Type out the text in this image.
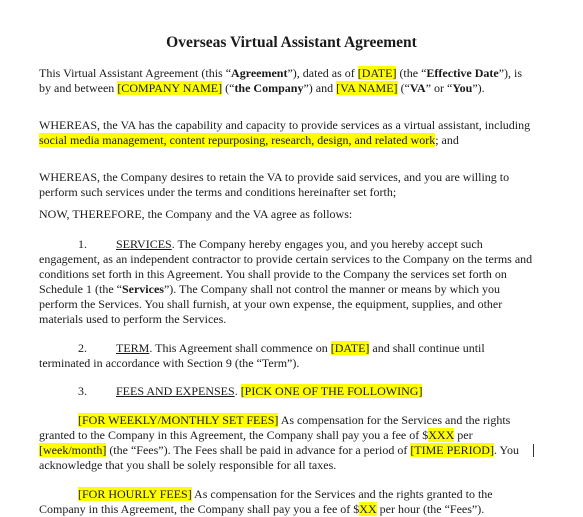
Overseas Virtual Assistant Agreement

This Virtual Assistant Agreement (this “Agreement”), dated as of [DATE] (the “Effective Date”), is by and between [COMPANY NAME] (“the Company”) and [VA NAME] (“VA” or “You”).

WHEREAS, the VA has the capability and capacity to provide services as a virtual assistant, including social media management, content repurposing, research, design, and related work; and

WHEREAS, the Company desires to retain the VA to provide said services, and you are willing to perform such services under the terms and conditions hereinafter set forth;

NOW, THEREFORE, the Company and the VA agree as follows:

1. SERVICES. The Company hereby engages you, and you hereby accept such engagement, as an independent contractor to provide certain services to the Company on the terms and conditions set forth in this Agreement. You shall provide to the Company the services set forth on Schedule 1 (the “Services”). The Company shall not control the manner or means by which you perform the Services. You shall furnish, at your own expense, the equipment, supplies, and other materials used to perform the Services.

2. TERM. This Agreement shall commence on [DATE] and shall continue until terminated in accordance with Section 9 (the “Term”).

3. FEES AND EXPENSES. [PICK ONE OF THE FOLLOWING]

[FOR WEEKLY/MONTHLY SET FEES] As compensation for the Services and the rights granted to the Company in this Agreement, the Company shall pay you a fee of $XXX per [week/month] (the “Fees”). The Fees shall be paid in advance for a period of [TIME PERIOD]. You acknowledge that you shall be solely responsible for all taxes.

[FOR HOURLY FEES] As compensation for the Services and the rights granted to the Company in this Agreement, the Company shall pay you a fee of $XX per hour (the “Fees”).
